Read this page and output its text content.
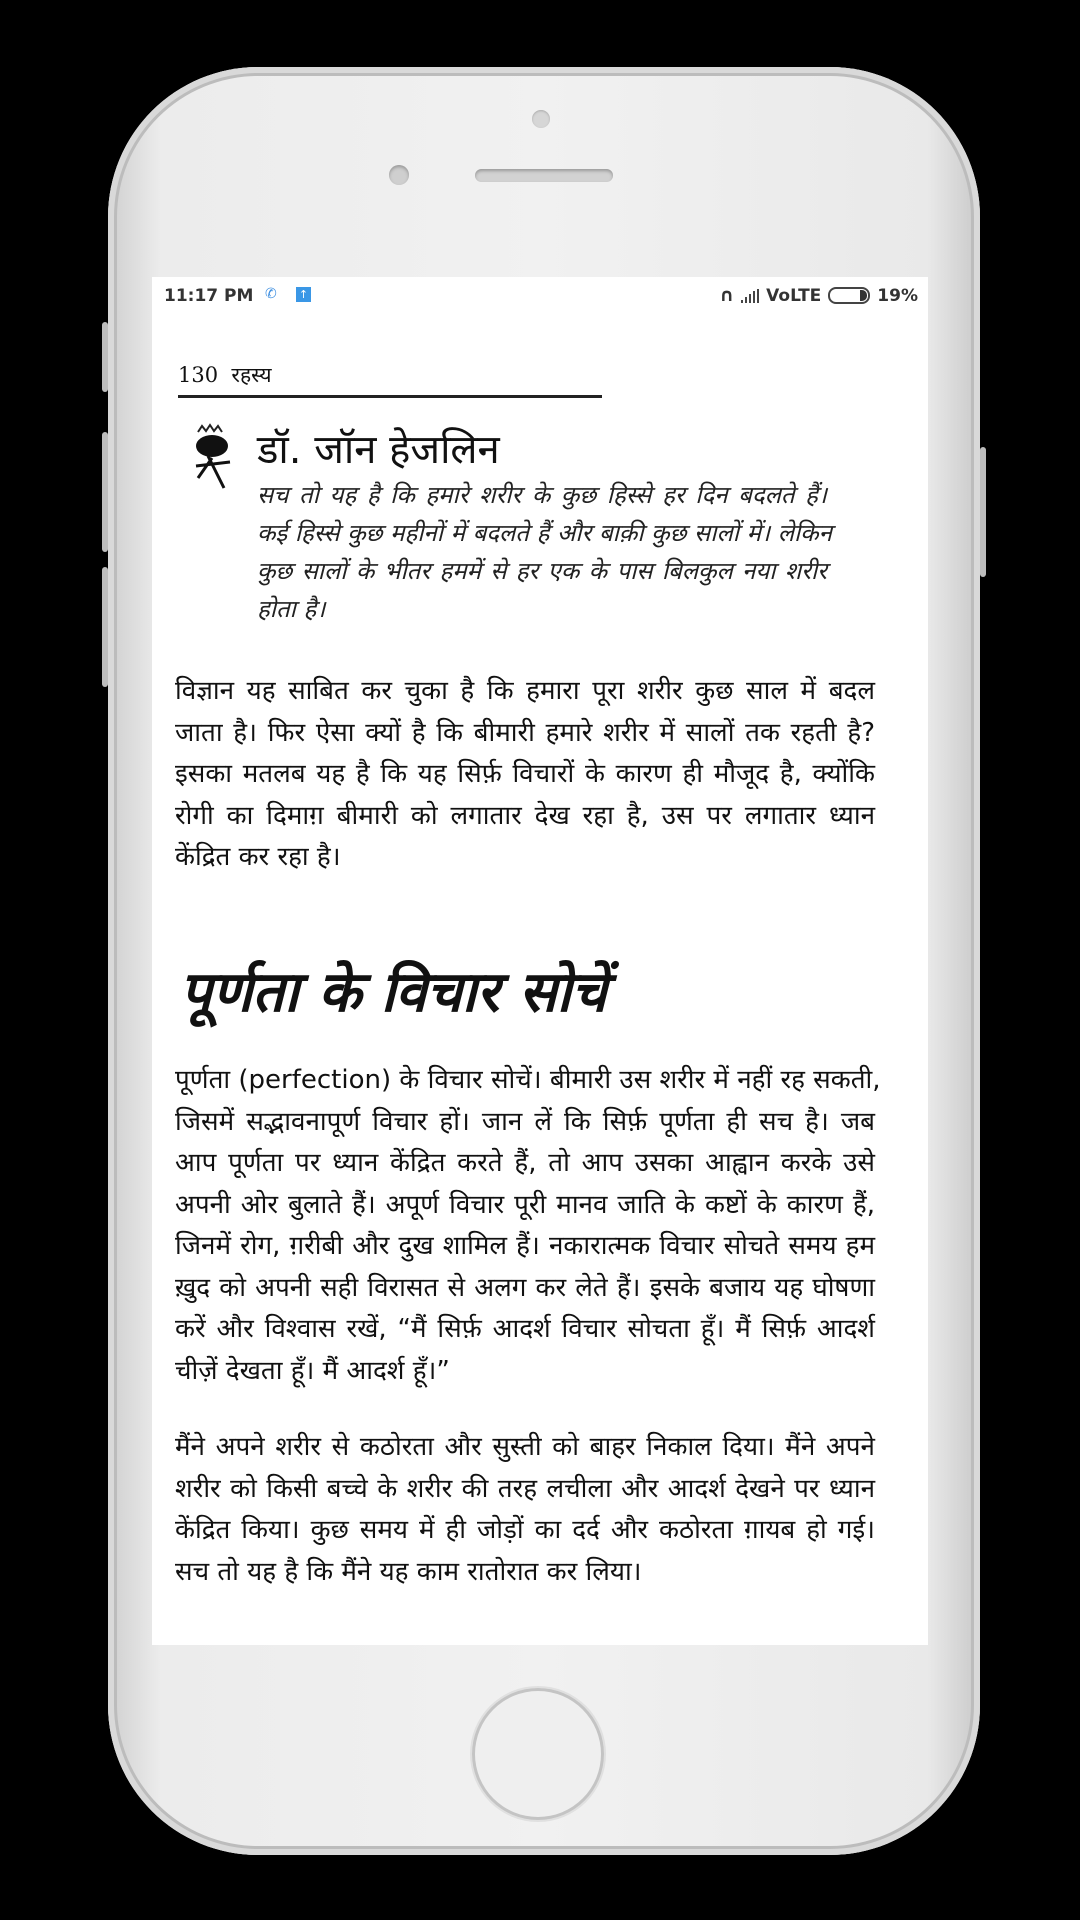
11:17 PM ✆ ↑	∩ VoLTE	19%
130  रहस्य
डॉ. जॉन हेजलिन
सच तो यह है कि हमारे शरीर के कुछ हिस्से हर दिन बदलते हैं।
कई हिस्से कुछ महीनों में बदलते हैं और बाक़ी कुछ सालों में। लेकिन
कुछ सालों के भीतर हममें से हर एक के पास बिलकुल नया शरीर
होता है।
विज्ञान यह साबित कर चुका है कि हमारा पूरा शरीर कुछ साल में बदल
जाता है। फिर ऐसा क्यों है कि बीमारी हमारे शरीर में सालों तक रहती है?
इसका मतलब यह है कि यह सिर्फ़ विचारों के कारण ही मौजूद है, क्योंकि
रोगी का दिमाग़ बीमारी को लगातार देख रहा है, उस पर लगातार ध्यान
केंद्रित कर रहा है।
पूर्णता के विचार सोचें
पूर्णता (perfection) के विचार सोचें। बीमारी उस शरीर में नहीं रह सकती,
जिसमें सद्भावनापूर्ण विचार हों। जान लें कि सिर्फ़ पूर्णता ही सच है। जब
आप पूर्णता पर ध्यान केंद्रित करते हैं, तो आप उसका आह्वान करके उसे
अपनी ओर बुलाते हैं। अपूर्ण विचार पूरी मानव जाति के कष्टों के कारण हैं,
जिनमें रोग, ग़रीबी और दुख शामिल हैं। नकारात्मक विचार सोचते समय हम
ख़ुद को अपनी सही विरासत से अलग कर लेते हैं। इसके बजाय यह घोषणा
करें और विश्वास रखें, “मैं सिर्फ़ आदर्श विचार सोचता हूँ। मैं सिर्फ़ आदर्श
चीज़ें देखता हूँ। मैं आदर्श हूँ।”
मैंने अपने शरीर से कठोरता और सुस्ती को बाहर निकाल दिया। मैंने अपने
शरीर को किसी बच्चे के शरीर की तरह लचीला और आदर्श देखने पर ध्यान
केंद्रित किया। कुछ समय में ही जोड़ों का दर्द और कठोरता ग़ायब हो गई।
सच तो यह है कि मैंने यह काम रातोरात कर लिया।
